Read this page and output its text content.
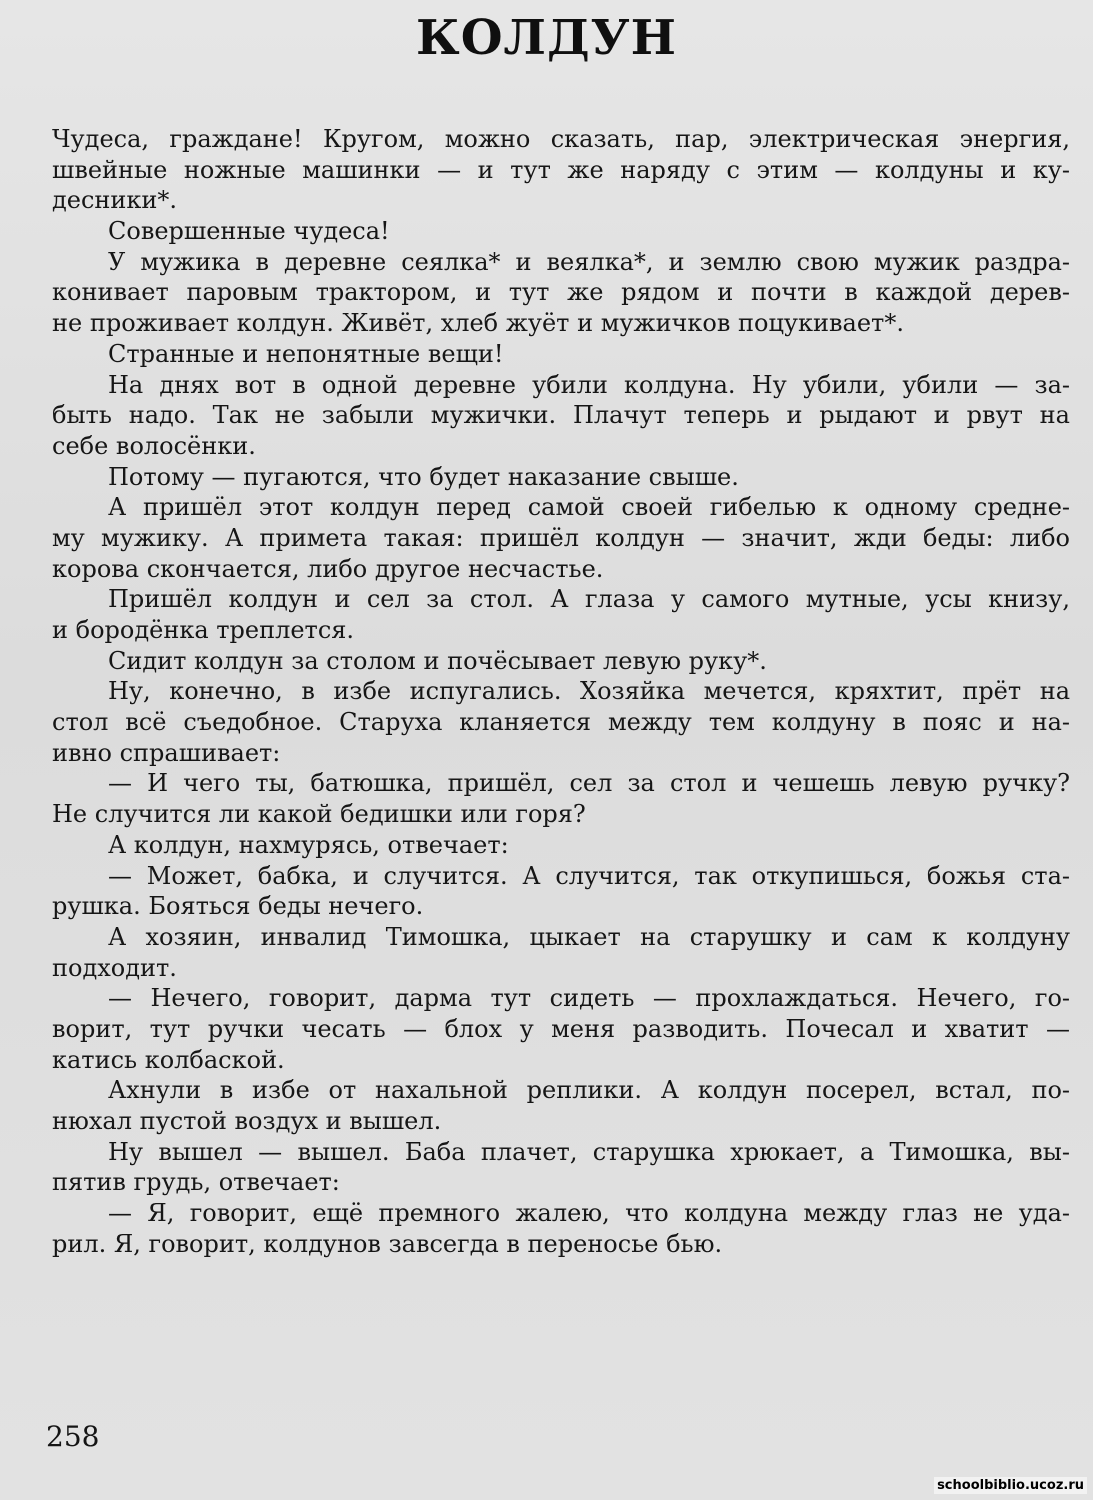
КОЛДУН
Чудеса, граждане! Кругом, можно сказать, пар, электрическая энергия,
швейные ножные машинки — и тут же наряду с этим — колдуны и ку-
десники*.
Совершенные чудеса!
У мужика в деревне сеялка* и веялка*, и землю свою мужик раздра-
конивает паровым трактором, и тут же рядом и почти в каждой дерев-
не проживает колдун. Живёт, хлеб жуёт и мужичков поцукивает*.
Странные и непонятные вещи!
На днях вот в одной деревне убили колдуна. Ну убили, убили — за-
быть надо. Так не забыли мужички. Плачут теперь и рыдают и рвут на
себе волосёнки.
Потому — пугаются, что будет наказание свыше.
А пришёл этот колдун перед самой своей гибелью к одному средне-
му мужику. А примета такая: пришёл колдун — значит, жди беды: либо
корова скончается, либо другое несчастье.
Пришёл колдун и сел за стол. А глаза у самого мутные, усы книзу,
и бородёнка треплется.
Сидит колдун за столом и почёсывает левую руку*.
Ну, конечно, в избе испугались. Хозяйка мечется, кряхтит, прёт на
стол всё съедобное. Старуха кланяется между тем колдуну в пояс и на-
ивно спрашивает:
— И чего ты, батюшка, пришёл, сел за стол и чешешь левую ручку?
Не случится ли какой бедишки или горя?
А колдун, нахмурясь, отвечает:
— Может, бабка, и случится. А случится, так откупишься, божья ста-
рушка. Бояться беды нечего.
А хозяин, инвалид Тимошка, цыкает на старушку и сам к колдуну
подходит.
— Нечего, говорит, дарма тут сидеть — прохлаждаться. Нечего, го-
ворит, тут ручки чесать — блох у меня разводить. Почесал и хватит —
катись колбаской.
Ахнули в избе от нахальной реплики. А колдун посерел, встал, по-
нюхал пустой воздух и вышел.
Ну вышел — вышел. Баба плачет, старушка хрюкает, а Тимошка, вы-
пятив грудь, отвечает:
— Я, говорит, ещё премного жалею, что колдуна между глаз не уда-
рил. Я, говорит, колдунов завсегда в переносье бью.
258
schoolbiblio.ucoz.ru
